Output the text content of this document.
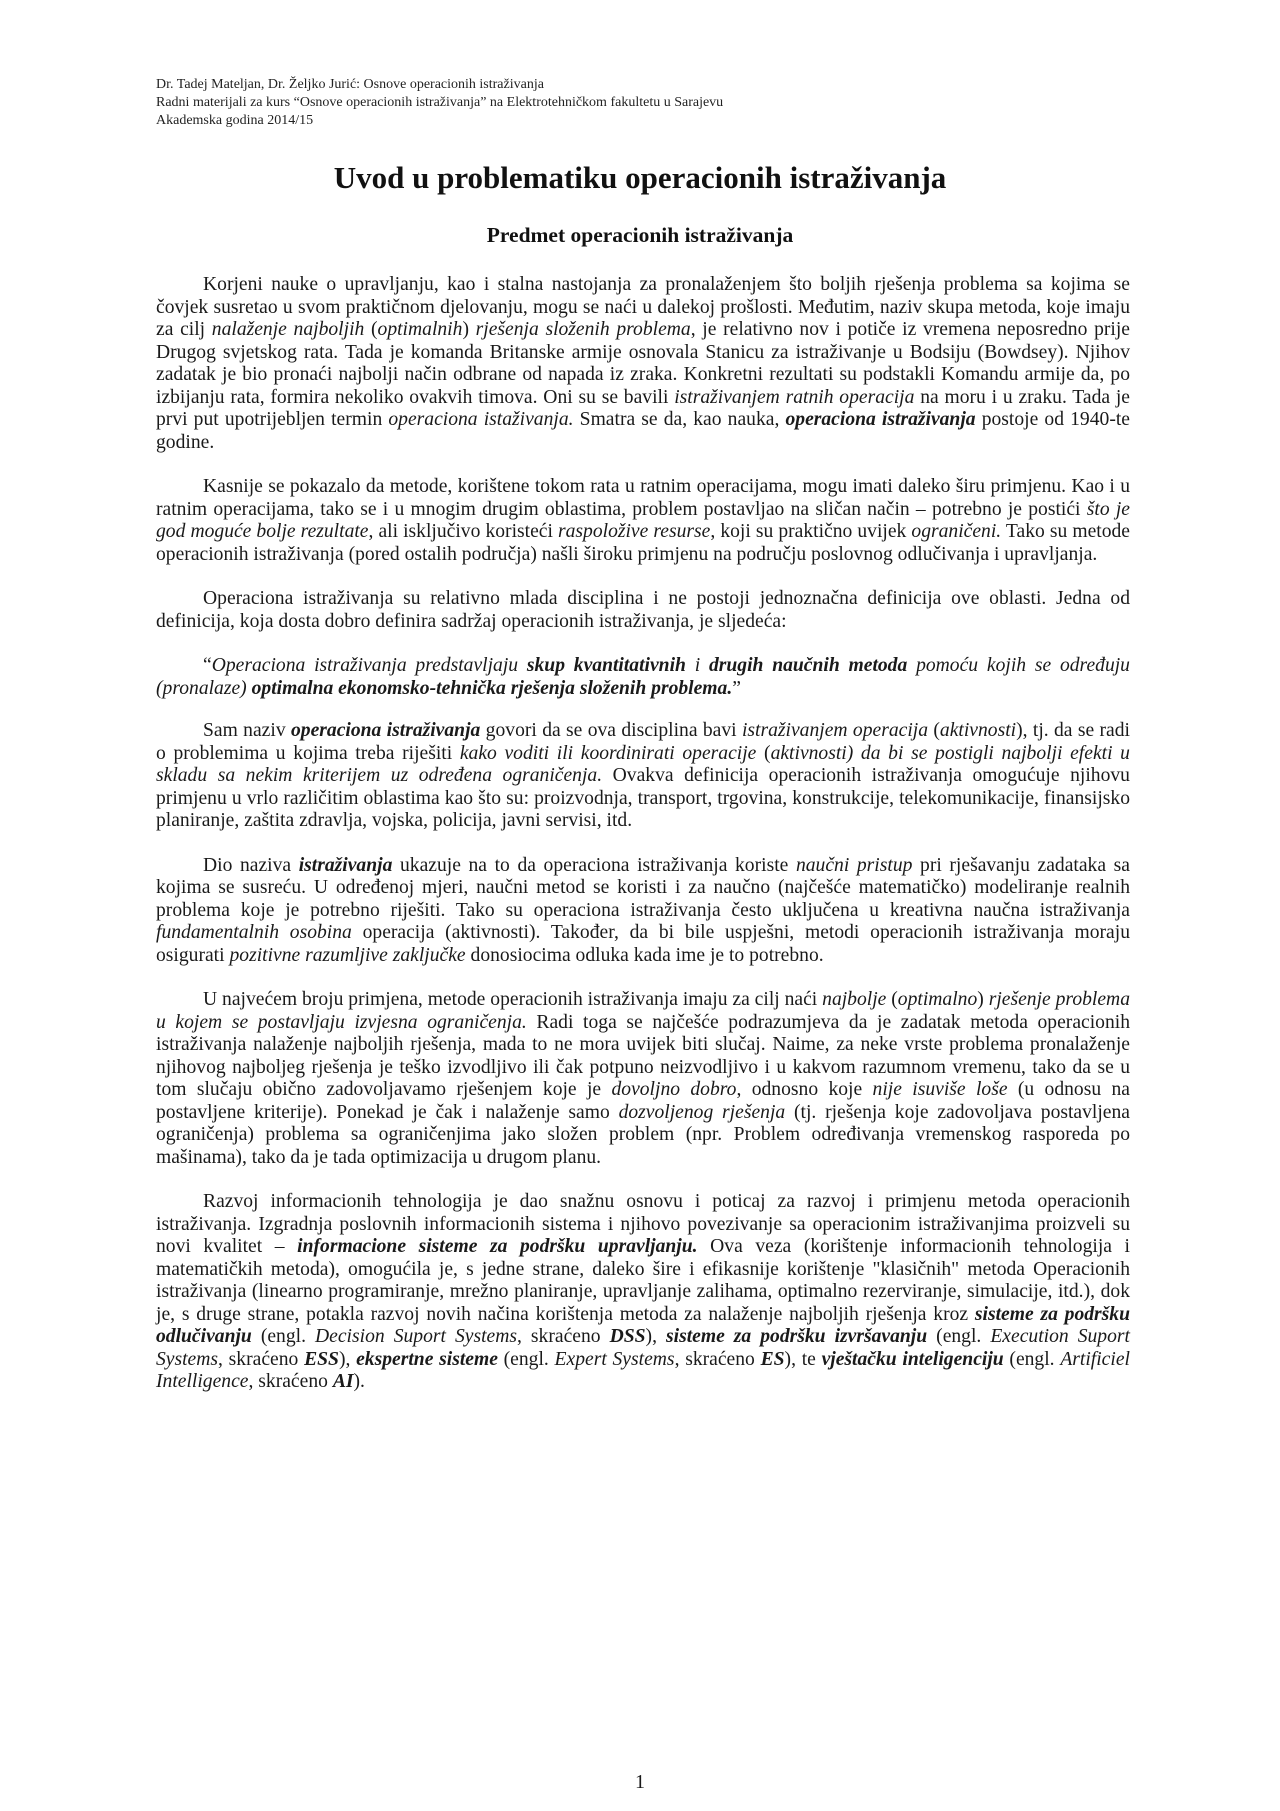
Dr. Tadej Mateljan, Dr. Željko Jurić: Osnove operacionih istraživanja
Radni materijali za kurs “Osnove operacionih istraživanja” na Elektrotehničkom fakultetu u Sarajevu
Akademska godina 2014/15
Uvod u problematiku operacionih istraživanja
Predmet operacionih istraživanja

Korjeni nauke o upravljanju, kao i stalna nastojanja za pronalaženjem što boljih rješenja problema sa kojima se čovjek susretao u svom praktičnom djelovanju, mogu se naći u dalekoj prošlosti. Međutim, naziv skupa metoda, koje imaju za cilj nalaženje najboljih (optimalnih) rješenja složenih problema, je relativno nov i potiče iz vremena neposredno prije Drugog svjetskog rata. Tada je komanda Britanske armije osnovala Stanicu za istraživanje u Bodsiju (Bowdsey). Njihov zadatak je bio pronaći najbolji način odbrane od napada iz zraka. Konkretni rezultati su podstakli Komandu armije da, po izbijanju rata, formira nekoliko ovakvih timova. Oni su se bavili istraživanjem ratnih operacija na moru i u zraku. Tada je prvi put upotrijebljen termin operaciona istaživanja. Smatra se da, kao nauka, operaciona istraživanja postoje od 1940-te godine.

Kasnije se pokazalo da metode, korištene tokom rata u ratnim operacijama, mogu imati daleko širu primjenu. Kao i u ratnim operacijama, tako se i u mnogim drugim oblastima, problem postavljao na sličan način – potrebno je postići što je god moguće bolje rezultate, ali isključivo koristeći raspoložive resurse, koji su praktično uvijek ograničeni. Tako su metode operacionih istraživanja (pored ostalih područja) našli široku primjenu na području poslovnog odlučivanja i upravljanja.

Operaciona istraživanja su relativno mlada disciplina i ne postoji jednoznačna definicija ove oblasti. Jedna od definicija, koja dosta dobro definira sadržaj operacionih istraživanja, je sljedeća:

“Operaciona istraživanja predstavljaju skup kvantitativnih i drugih naučnih metoda pomoću kojih se određuju (pronalaze) optimalna ekonomsko-tehnička rješenja složenih problema.”

Sam naziv operaciona istraživanja govori da se ova disciplina bavi istraživanjem operacija (aktivnosti), tj. da se radi o problemima u kojima treba riješiti kako voditi ili koordinirati operacije (aktivnosti) da bi se postigli najbolji efekti u skladu sa nekim kriterijem uz određena ograničenja. Ovakva definicija operacionih istraživanja omogućuje njihovu primjenu u vrlo različitim oblastima kao što su: proizvodnja, transport, trgovina, konstrukcije, telekomunikacije, finansijsko planiranje, zaštita zdravlja, vojska, policija, javni servisi, itd.

Dio naziva istraživanja ukazuje na to da operaciona istraživanja koriste naučni pristup pri rješavanju zadataka sa kojima se susreću. U određenoj mjeri, naučni metod se koristi i za naučno (najčešće matematičko) modeliranje realnih problema koje je potrebno riješiti. Tako su operaciona istraživanja često uključena u kreativna naučna istraživanja fundamentalnih osobina operacija (aktivnosti). Također, da bi bile uspješni, metodi operacionih istraživanja moraju osigurati pozitivne razumljive zaključke donosiocima odluka kada ime je to potrebno.

U najvećem broju primjena, metode operacionih istraživanja imaju za cilj naći najbolje (optimalno) rješenje problema u kojem se postavljaju izvjesna ograničenja. Radi toga se najčešće podrazumjeva da je zadatak metoda operacionih istraživanja nalaženje najboljih rješenja, mada to ne mora uvijek biti slučaj. Naime, za neke vrste problema pronalaženje njihovog najboljeg rješenja je teško izvodljivo ili čak potpuno neizvodljivo i u kakvom razumnom vremenu, tako da se u tom slučaju obično zadovoljavamo rješenjem koje je dovoljno dobro, odnosno koje nije isuviše loše (u odnosu na postavljene kriterije). Ponekad je čak i nalaženje samo dozvoljenog rješenja (tj. rješenja koje zadovoljava postavljena ograničenja) problema sa ograničenjima jako složen problem (npr. Problem određivanja vremenskog rasporeda po mašinama), tako da je tada optimizacija u drugom planu.

Razvoj informacionih tehnologija je dao snažnu osnovu i poticaj za razvoj i primjenu metoda operacionih istraživanja. Izgradnja poslovnih informacionih sistema i njihovo povezivanje sa operacionim istraživanjima proizveli su novi kvalitet – informacione sisteme za podršku upravljanju. Ova veza (korištenje informacionih tehnologija i matematičkih metoda), omogućila je, s jedne strane, daleko šire i efikasnije korištenje "klasičnih" metoda Operacionih istraživanja (linearno programiranje, mrežno planiranje, upravljanje zalihama, optimalno rezerviranje, simulacije, itd.), dok je, s druge strane, potakla razvoj novih načina korištenja metoda za nalaženje najboljih rješenja kroz sisteme za podršku odlučivanju (engl. Decision Suport Systems, skraćeno DSS), sisteme za podršku izvršavanju (engl. Execution Suport Systems, skraćeno ESS), ekspertne sisteme (engl. Expert Systems, skraćeno ES), te vještačku inteligenciju (engl. Artificiel Intelligence, skraćeno AI).

1
